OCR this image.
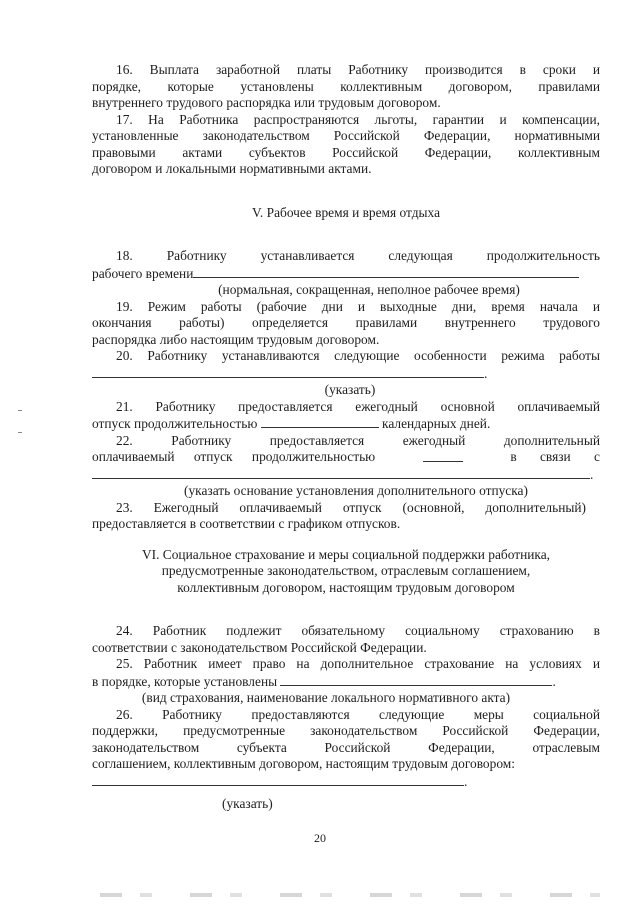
16. Выплата заработной платы Работнику производится в сроки и

порядке, которые установлены коллективным договором, правилами

внутреннего трудового распорядка или трудовым договором.

17. На Работника распространяются льготы, гарантии и компенсации,

установленные законодательством Российской Федерации, нормативными

правовыми актами субъектов Российской Федерации, коллективным

договором и локальными нормативными актами.

V. Рабочее время и время отдыха

18. Работнику устанавливается следующая продолжительность

рабочего времени

(нормальная, сокращенная, неполное рабочее время)

19. Режим работы (рабочие дни и выходные дни, время начала и

окончания работы) определяется правилами внутреннего трудового

распорядка либо настоящим трудовым договором.

20. Работнику устанавливаются следующие особенности режима работы

.

(указать)

21. Работнику предоставляется ежегодный основной оплачиваемый

отпуск продолжительностью	календарных дней.

22. Работнику предоставляется ежегодный дополнительный

оплачиваемый отпуск продолжительностью	в связи с

.

(указать основание установления дополнительного отпуска)

23. Ежегодный оплачиваемый отпуск (основной, дополнительный)

предоставляется в соответствии с графиком отпусков.

VI. Социальное страхование и меры социальной поддержки работника,

предусмотренные законодательством, отраслевым соглашением,

коллективным договором, настоящим трудовым договором

24. Работник подлежит обязательному социальному страхованию в

соответствии с законодательством Российской Федерации.

25. Работник имеет право на дополнительное страхование на условиях и

в порядке, которые установлены	.

(вид страхования, наименование локального нормативного акта)

26. Работнику предоставляются следующие меры социальной

поддержки, предусмотренные законодательством Российской Федерации,

законодательством субъекта Российской Федерации, отраслевым

соглашением, коллективным договором, настоящим трудовым договором:

.

(указать)

20
